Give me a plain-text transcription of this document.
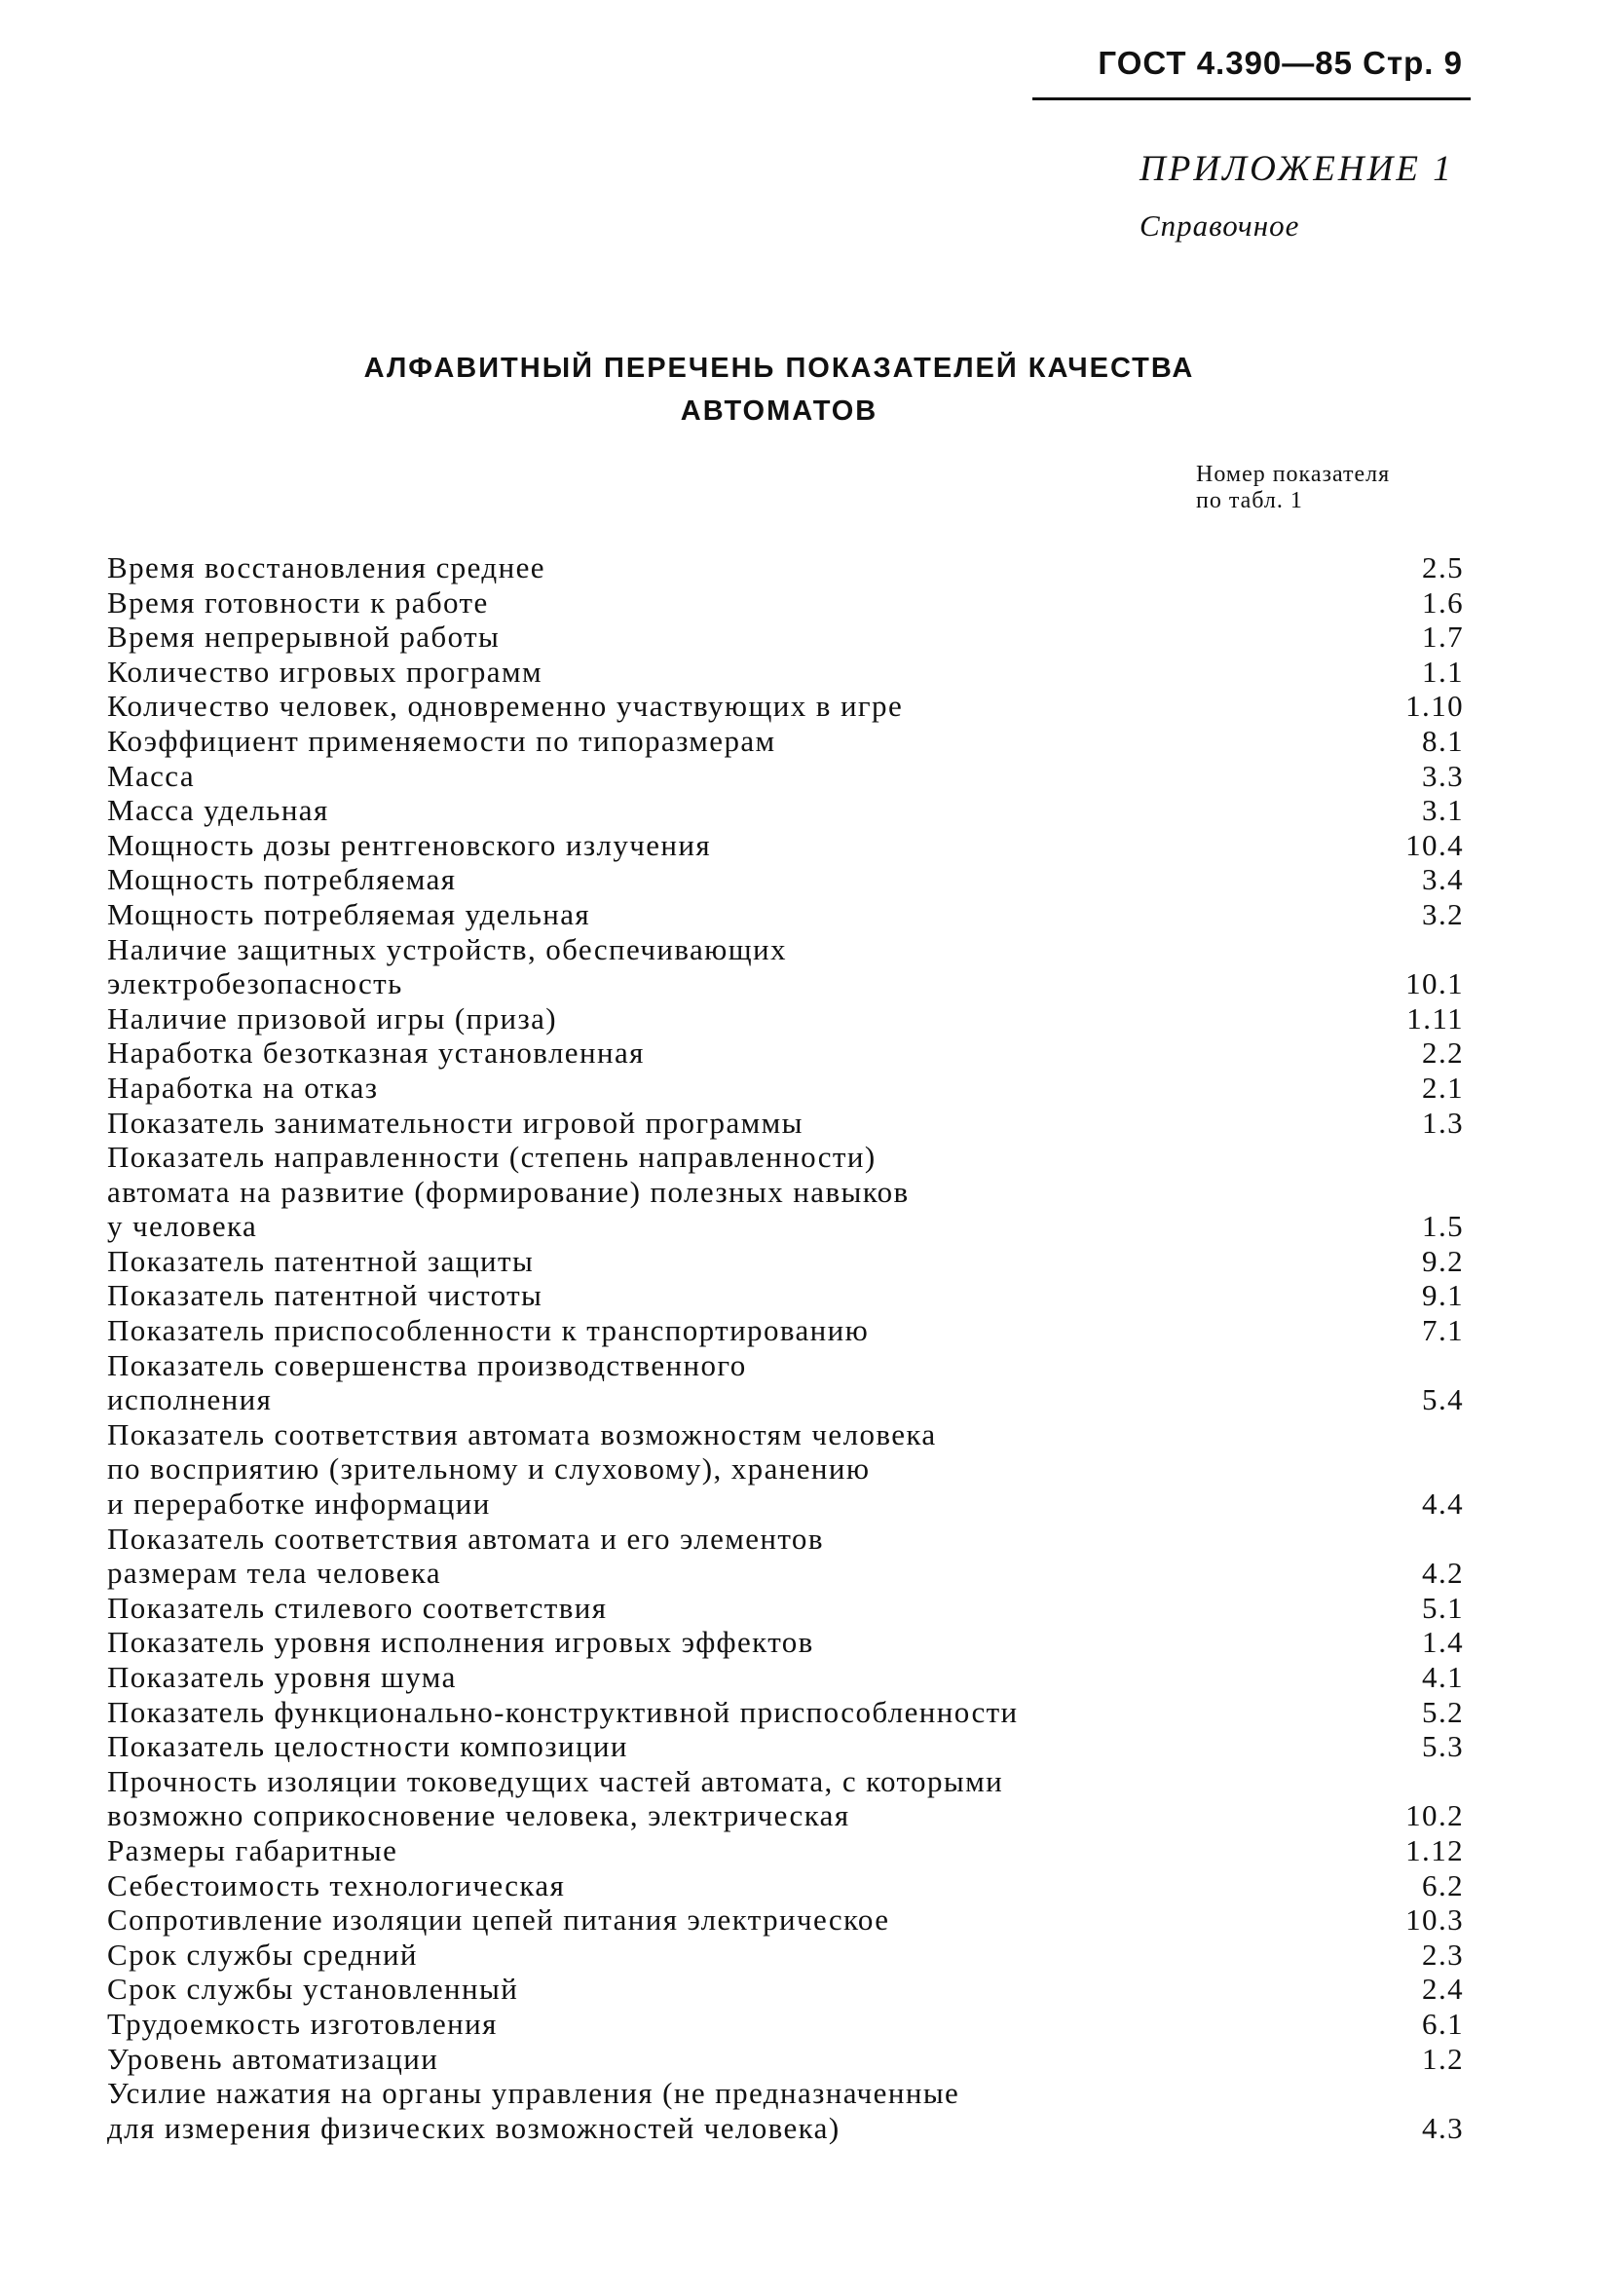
ГОСТ 4.390—85 Стр. 9
ПРИЛОЖЕНИЕ 1
Справочное
АЛФАВИТНЫЙ ПЕРЕЧЕНЬ ПОКАЗАТЕЛЕЙ КАЧЕСТВА
АВТОМАТОВ
Номер показателя
по табл. 1
Время восстановления среднее	2.5
Время готовности к работе	1.6
Время непрерывной работы	1.7
Количество игровых программ	1.1
Количество человек, одновременно участвующих в игре	1.10
Коэффициент применяемости по типоразмерам	8.1
Масса	3.3
Масса удельная	3.1
Мощность дозы рентгеновского излучения	10.4
Мощность потребляемая	3.4
Мощность потребляемая удельная	3.2
Наличие защитных устройств, обеспечивающих
электробезопасность	10.1
Наличие призовой игры (приза)	1.11
Наработка безотказная установленная	2.2
Наработка на отказ	2.1
Показатель занимательности игровой программы	1.3
Показатель направленности (степень направленности)
автомата на развитие (формирование) полезных навыков
у человека	1.5
Показатель патентной защиты	9.2
Показатель патентной чистоты	9.1
Показатель приспособленности к транспортированию	7.1
Показатель совершенства производственного
исполнения	5.4
Показатель соответствия автомата возможностям человека
по восприятию (зрительному и слуховому), хранению
и переработке информации	4.4
Показатель соответствия автомата и его элементов
размерам тела человека	4.2
Показатель стилевого соответствия	5.1
Показатель уровня исполнения игровых эффектов	1.4
Показатель уровня шума	4.1
Показатель функционально-конструктивной приспособленности	5.2
Показатель целостности композиции	5.3
Прочность изоляции токоведущих частей автомата, с которыми
возможно соприкосновение человека, электрическая	10.2
Размеры габаритные	1.12
Себестоимость технологическая	6.2
Сопротивление изоляции цепей питания электрическое	10.3
Срок службы средний	2.3
Срок службы установленный	2.4
Трудоемкость изготовления	6.1
Уровень автоматизации	1.2
Усилие нажатия на органы управления (не предназначенные
для измерения физических возможностей человека)	4.3
